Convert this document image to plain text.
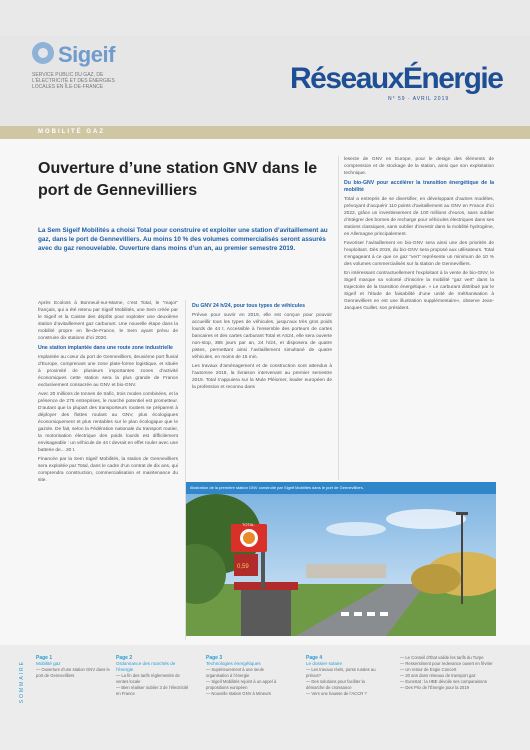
Sigeif
SERVICE PUBLIC DU GAZ, DE L'ÉLECTRICITÉ ET DES ÉNERGIES LOCALES EN ÎLE-DE-FRANCE	RéseauxÉnergie
N° 59 · AVRIL 2019
MOBILITÉ GAZ
Ouverture d’une station GNV dans le port de Gennevilliers
La Sem Sigeif Mobilités a choisi Total pour construire et exploiter une station d’avitaillement au gaz, dans le port de Gennevilliers. Au moins 10 % des volumes commercialisés seront assurés avec du gaz renouvelable. Ouverture dans moins d’un an, au premier semestre 2019.

Après Ecoloss à Bonneuil-sur-Marne, c’est Total, le “major” français, qui a été retenu par Sigeif Mobilités, une Sem créée par le Sigeif et la Caisse des dépôts pour exploiter une deuxième station d’avitaillement gaz carburant. Une nouvelle étape dans la mobilité propre en Île-de-France, le Sem ayant prévu de construire dix stations d’ici 2020.

Une station implantée dans une route zone industrielle

Implantée au cœur du port de Gennevilliers, deuxième port fluvial d’Europe, comprenant une zone plate-forme logistique, et située à proximité de plusieurs importantes zones d’activité économiques cette station sera la plus grande de France exclusivement consacrée au GNV et bio-GNV.

Avec 20 millions de tonnes de trafic, trois modes combinées, et la présence de 275 entreprises, le marché potentiel est prometteur. D’autant que la plupart des transporteurs routiers se préparent à déployer des flottes roulant au GNV, plus écologiques économiquement et plus rentables sur le plan écologique que le gazole. De fait, selon la Fédération nationale du transport routier, la motorisation électrique des poids lourds est difficilement envisageable : un véhicule de 44 t devrait en effet rouler avec une batterie de... 20 t.

Financée par la Sem Sigeif Mobilités, la station de Gennevilliers sera exploitée par Total, dans le cadre d’un contrat de dix ans, qui comprendra construction, commercialisation et maintenance du site.

Du GNV 24 h/24, pour tous types de véhicules

Prévue pour ouvrir en 2019, elle est conçue pour pouvoir accueillir tous les types de véhicules, jusqu’aux très gros poids lourds de 44 t. Accessible à l’ensemble des porteurs de cartes bancaires et des cartes carburant Total et AS24, elle sera ouverte non-stop, 365 jours par an, 24 h/24, et disposera de quatre pistes, permettant ainsi l’avitaillement simultané de quatre véhicules, en moins de 15 min.

Les travaux d’aménagement et de construction sont attendus à l’automne 2018, la livraison intervenant au premier semestre 2019. Total s’appuiera sur la Mule Pléiomer, leader européen de la profession et reconnu dans

lesecte de GNV en Europe, pour le design des éléments de compression et de stockage de la station, ainsi que son exploitation technique.

Du bio-GNV pour accélérer la transition énergétique de la mobilité

Total a entrepris de se diversifier, en développant d’autres modèles, prévoyant d’acquérir 110 points d’avitaillement au GNV en France d’ici 2022, grâce un investissement de 100 millions d’euros, sans oublier d’intégrer des bornes de recharge pour véhicules électriques dans ses stations classiques, sans oublier d’investir dans la mobilité hydrogène, en Allemagne principalement.

Favoriser l’avitaillement en bio-GNV sera ainsi une des priorités de l’exploitant. Dès 2019, du bio-GNV sera proposé aux utilisateurs. Total s’engageant à ce que ce gaz “vert” représente un minimum de 10 % des volumes commercialisés sur la station de Gennevilliers.

En intéressant contractuellement l’exploitant à la vente de bio-GNV, le Sigeif marque sa volonté d’inscrire la mobilité “gaz vert” dans la trajectoire de la transition énergétique. « Le carburant distribué par le Sigeif et l’étude de faisabilité d’une unité de méthanisation à Gennevilliers en est une illustration supplémentaire», observe Jean-Jacques Guillet, son président.

Illustration de la première station GNV construite par Sigeif Mobilités dans le port de Gennevilliers.
TOTAL
0,59
SOMMAIRE
Page 1
Mobilité gaz
— Ouverture d’une station GNV dans le port de Gennevilliers
Page 2
Ordonnance des marchés de l’énergie
— La fin des tarifs réglementés de ventes locale
— Bien réaliser oublier 3 de l’électricité en France
Page 3
Technologies énergétiques
— Supérieurement à une seule organisation à l’énergie
— Sigeif Mobilités rejoint à un appel à propositions européen
— Nouvelle station GNV à Mineurs
Page 4
Le dossier solaire
— Les travaux réels, ponts rurales au prévus?
— Des solutions pour faciliter la démarche de croissance
— Vers une hausse de l’ACCR ?
— Le Conseil d’État valide les tarifs du Turpe
— Ressentiment pour redevance ouvert en février
— Un retour de Engie Concert
— 20 ans dans réseaux de transport gaz
— Eurostat : la HBE dévoile ses comparaisons
— Des Prix de l’Énergie pour la 2019
